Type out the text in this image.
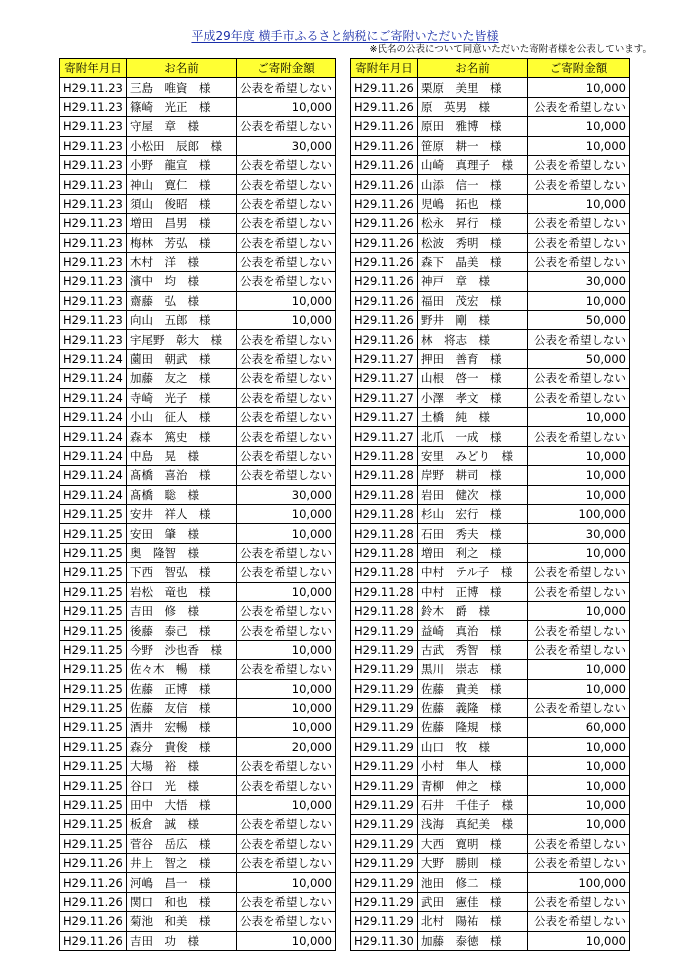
平成29年度 横手市ふるさと納税にご寄附いただいた皆様
※氏名の公表について同意いただいた寄附者様を公表しています。
寄附年月日	お名前	ご寄附金額
H29.11.23	三島　唯資　様	公表を希望しない
H29.11.23	篠崎　光正　様	10,000
H29.11.23	守屋　章　様	公表を希望しない
H29.11.23	小松田　辰郎　様	30,000
H29.11.23	小野　龍宣　様	公表を希望しない
H29.11.23	神山　寛仁　様	公表を希望しない
H29.11.23	須山　俊昭　様	公表を希望しない
H29.11.23	増田　昌男　様	公表を希望しない
H29.11.23	梅林　芳弘　様	公表を希望しない
H29.11.23	木村　洋　様	公表を希望しない
H29.11.23	濱中　均　様	公表を希望しない
H29.11.23	齋藤　弘　様	10,000
H29.11.23	向山　五郎　様	10,000
H29.11.23	宇尾野　彰大　様	公表を希望しない
H29.11.24	薗田　朝武　様	公表を希望しない
H29.11.24	加藤　友之　様	公表を希望しない
H29.11.24	寺崎　光子　様	公表を希望しない
H29.11.24	小山　征人　様	公表を希望しない
H29.11.24	森本　篤史　様	公表を希望しない
H29.11.24	中島　晃　様	公表を希望しない
H29.11.24	髙橋　喜治　様	公表を希望しない
H29.11.24	髙橋　聡　様	30,000
H29.11.25	安井　祥人　様	10,000
H29.11.25	安田　肇　様	10,000
H29.11.25	奥　隆智　様	公表を希望しない
H29.11.25	下西　智弘　様	公表を希望しない
H29.11.25	岩松　竜也　様	10,000
H29.11.25	吉田　修　様	公表を希望しない
H29.11.25	後藤　泰己　様	公表を希望しない
H29.11.25	今野　沙也香　様	10,000
H29.11.25	佐々木　暢　様	公表を希望しない
H29.11.25	佐藤　正博　様	10,000
H29.11.25	佐藤　友信　様	10,000
H29.11.25	酒井　宏暢　様	10,000
H29.11.25	森分　貴俊　様	20,000
H29.11.25	大場　裕　様	公表を希望しない
H29.11.25	谷口　光　様	公表を希望しない
H29.11.25	田中　大悟　様	10,000
H29.11.25	板倉　誠　様	公表を希望しない
H29.11.25	菅谷　岳広　様	公表を希望しない
H29.11.26	井上　智之　様	公表を希望しない
H29.11.26	河嶋　昌一　様	10,000
H29.11.26	関口　和也　様	公表を希望しない
H29.11.26	菊池　和美　様	公表を希望しない
H29.11.26	吉田　功　様	10,000
寄附年月日	お名前	ご寄附金額
H29.11.26	栗原　美里　様	10,000
H29.11.26	原　英男　様	公表を希望しない
H29.11.26	原田　雅博　様	10,000
H29.11.26	笹原　耕一　様	10,000
H29.11.26	山崎　真理子　様	公表を希望しない
H29.11.26	山添　信一　様	公表を希望しない
H29.11.26	児嶋　拓也　様	10,000
H29.11.26	松永　昇行　様	公表を希望しない
H29.11.26	松波　秀明　様	公表を希望しない
H29.11.26	森下　晶美　様	公表を希望しない
H29.11.26	神戸　章　様	30,000
H29.11.26	福田　茂宏　様	10,000
H29.11.26	野井　剛　様	50,000
H29.11.26	林　将志　様	公表を希望しない
H29.11.27	押田　善育　様	50,000
H29.11.27	山根　啓一　様	公表を希望しない
H29.11.27	小澤　孝文　様	公表を希望しない
H29.11.27	土橋　純　様	10,000
H29.11.27	北爪　一成　様	公表を希望しない
H29.11.28	安里　みどり　様	10,000
H29.11.28	岸野　耕司　様	10,000
H29.11.28	岩田　健次　様	10,000
H29.11.28	杉山　宏行　様	100,000
H29.11.28	石田　秀夫　様	30,000
H29.11.28	増田　利之　様	10,000
H29.11.28	中村　テル子　様	公表を希望しない
H29.11.28	中村　正博　様	公表を希望しない
H29.11.28	鈴木　爵　様	10,000
H29.11.29	益崎　真治　様	公表を希望しない
H29.11.29	古武　秀智　様	公表を希望しない
H29.11.29	黒川　崇志　様	10,000
H29.11.29	佐藤　貴美　様	10,000
H29.11.29	佐藤　義隆　様	公表を希望しない
H29.11.29	佐藤　隆規　様	60,000
H29.11.29	山口　牧　様	10,000
H29.11.29	小村　隼人　様	10,000
H29.11.29	青柳　伸之　様	10,000
H29.11.29	石井　千佳子　様	10,000
H29.11.29	浅海　真紀美　様	10,000
H29.11.29	大西　寛明　様	公表を希望しない
H29.11.29	大野　勝則　様	公表を希望しない
H29.11.29	池田　修二　様	100,000
H29.11.29	武田　憲佳　様	公表を希望しない
H29.11.29	北村　陽祐　様	公表を希望しない
H29.11.30	加藤　泰徳　様	10,000
